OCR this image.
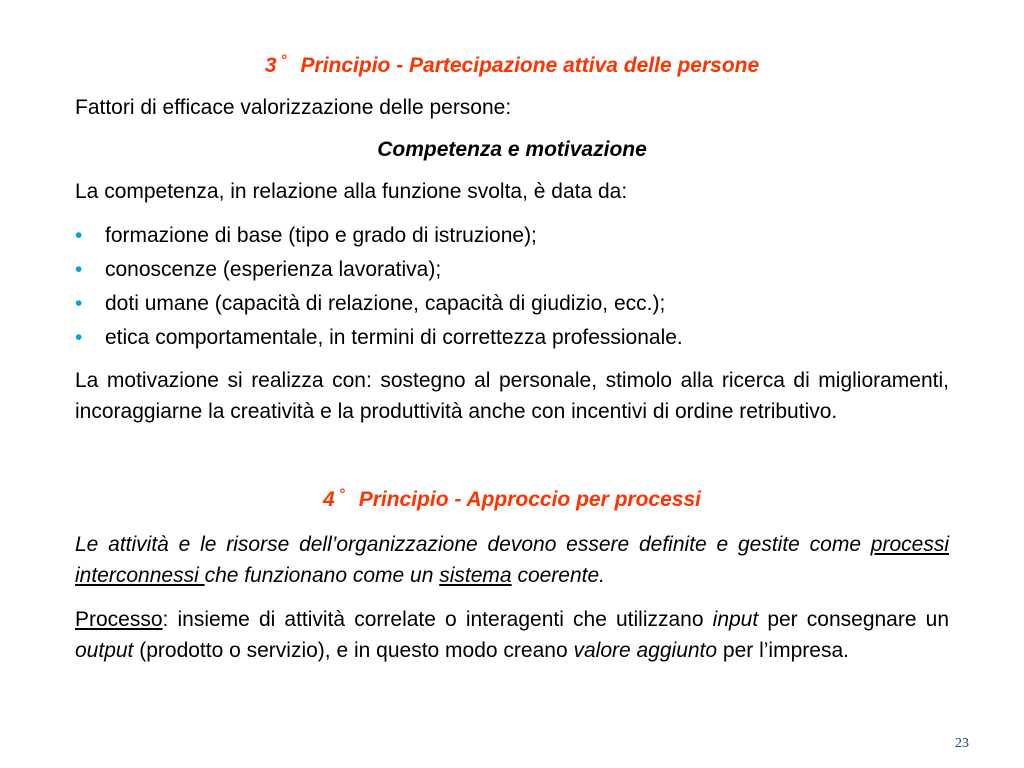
3 ° Principio - Partecipazione attiva delle persone
Fattori di efficace valorizzazione delle persone:
Competenza e motivazione
La competenza, in relazione alla funzione svolta, è data da:
• formazione di base (tipo e grado di istruzione);
• conoscenze (esperienza lavorativa);
• doti umane (capacità di relazione, capacità di giudizio, ecc.);
• etica comportamentale, in termini di correttezza professionale.
La motivazione si realizza con: sostegno al personale, stimolo alla ricerca di miglioramenti, incoraggiarne la creatività e la produttività anche con incentivi di ordine retributivo.
4 ° Principio - Approccio per processi
Le attività e le risorse dell’organizzazione devono essere definite e gestite come processi interconnessi che funzionano come un sistema coerente.
Processo: insieme di attività correlate o interagenti che utilizzano input per consegnare un output (prodotto o servizio), e in questo modo creano valore aggiunto per l’impresa.
23
